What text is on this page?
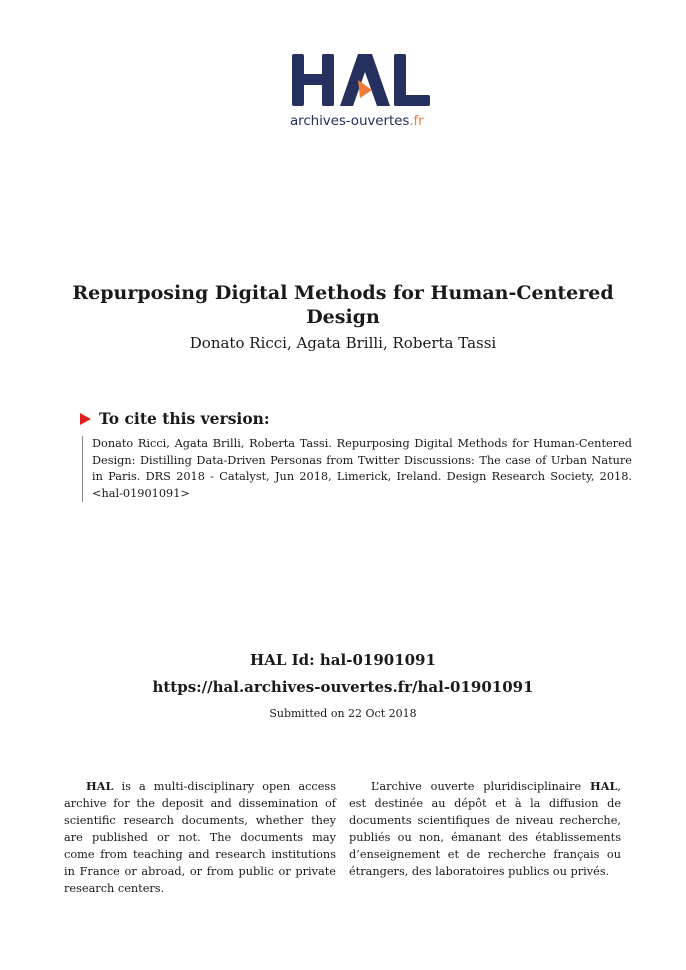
archives-ouvertes.fr
Repurposing Digital Methods for Human-Centered Design
Donato Ricci, Agata Brilli, Roberta Tassi
To cite this version:
Donato Ricci, Agata Brilli, Roberta Tassi. Repurposing Digital Methods for Human-Centered Design: Distilling Data-Driven Personas from Twitter Discussions: The case of Urban Nature in Paris. DRS 2018 - Catalyst, Jun 2018, Limerick, Ireland. Design Research Society, 2018. <hal-01901091>
HAL Id: hal-01901091
https://hal.archives-ouvertes.fr/hal-01901091
Submitted on 22 Oct 2018

HAL is a multi-disciplinary open access archive for the deposit and dissemination of scientific research documents, whether they are published or not. The documents may come from teaching and research institutions in France or abroad, or from public or private research centers.

L’archive ouverte pluridisciplinaire HAL, est destinée au dépôt et à la diffusion de documents scientifiques de niveau recherche, publiés ou non, émanant des établissements d’enseignement et de recherche français ou étrangers, des laboratoires publics ou privés.
